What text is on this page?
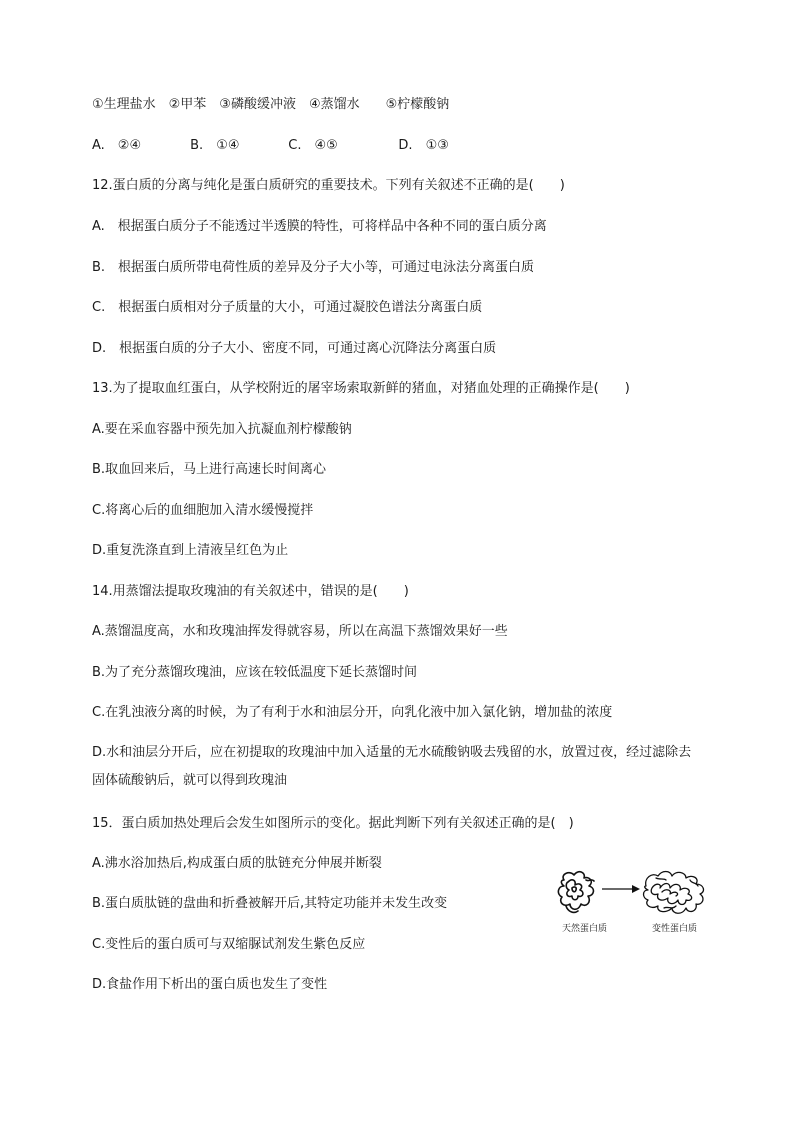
①生理盐水　②甲苯　③磷酸缓冲液　④蒸馏水　　⑤柠檬酸钠
A.　②④	B.　①④	C.　④⑤	D.　①③
12.蛋白质的分离与纯化是蛋白质研究的重要技术。下列有关叙述不正确的是(　　)
A.　根据蛋白质分子不能透过半透膜的特性，可将样品中各种不同的蛋白质分离
B.　根据蛋白质所带电荷性质的差异及分子大小等，可通过电泳法分离蛋白质
C.　根据蛋白质相对分子质量的大小，可通过凝胶色谱法分离蛋白质
D.　根据蛋白质的分子大小、密度不同，可通过离心沉降法分离蛋白质
13.为了提取血红蛋白，从学校附近的屠宰场索取新鲜的猪血，对猪血处理的正确操作是(　　)
A.要在采血容器中预先加入抗凝血剂柠檬酸钠
B.取血回来后，马上进行高速长时间离心
C.将离心后的血细胞加入清水缓慢搅拌
D.重复洗涤直到上清液呈红色为止
14.用蒸馏法提取玫瑰油的有关叙述中，错误的是(　　)
A.蒸馏温度高，水和玫瑰油挥发得就容易，所以在高温下蒸馏效果好一些
B.为了充分蒸馏玫瑰油，应该在较低温度下延长蒸馏时间
C.在乳浊液分离的时候，为了有利于水和油层分开，向乳化液中加入氯化钠，增加盐的浓度
D.水和油层分开后，应在初提取的玫瑰油中加入适量的无水硫酸钠吸去残留的水，放置过夜，经过滤除去固体硫酸钠后，就可以得到玫瑰油
15．蛋白质加热处理后会发生如图所示的变化。据此判断下列有关叙述正确的是(　)
A.沸水浴加热后,构成蛋白质的肽链充分伸展并断裂
B.蛋白质肽链的盘曲和折叠被解开后,其特定功能并未发生改变
C.变性后的蛋白质可与双缩脲试剂发生紫色反应
D.食盐作用下析出的蛋白质也发生了变性
天然蛋白质	变性蛋白质
